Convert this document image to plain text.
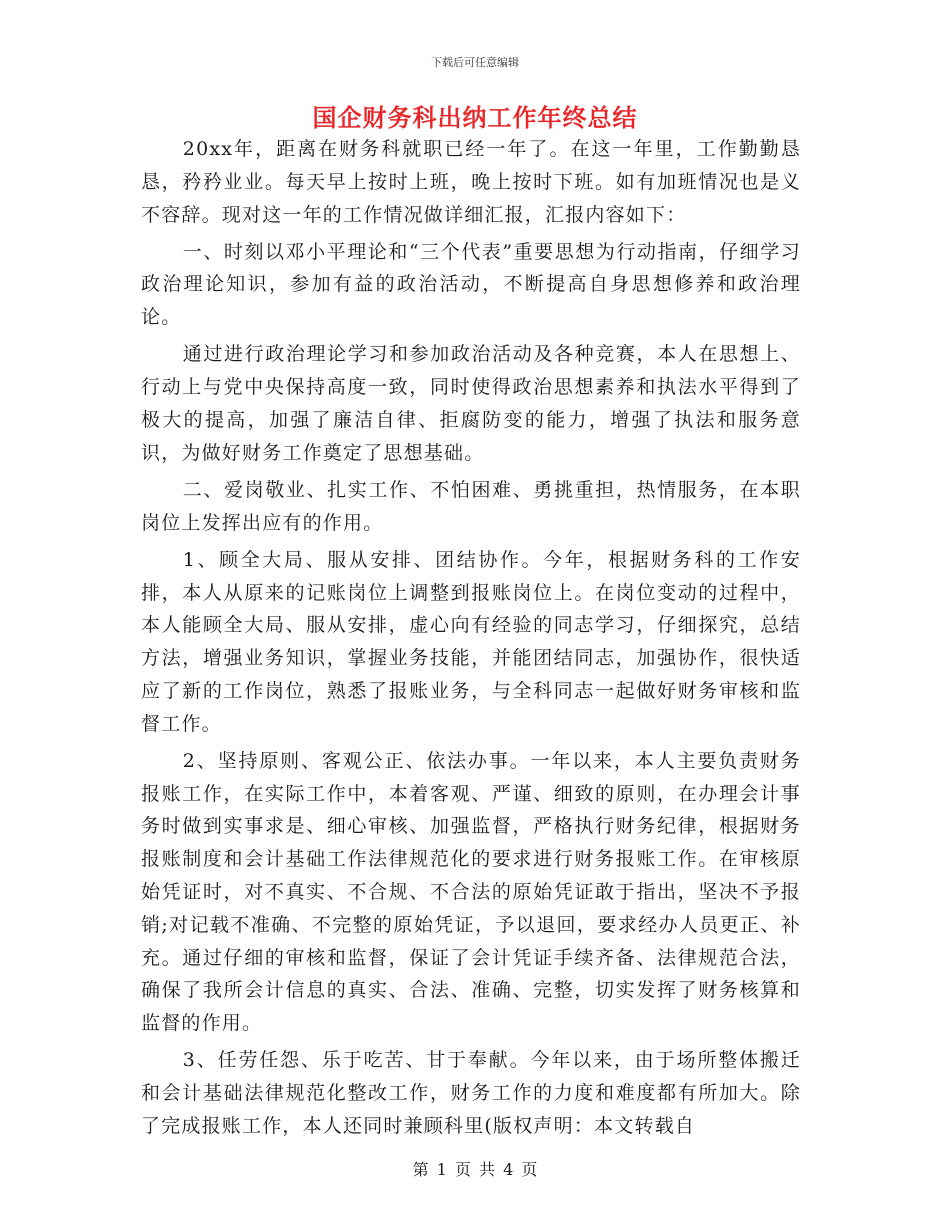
下载后可任意编辑
国企财务科出纳工作年终总结

20xx年，距离在财务科就职已经一年了。在这一年里，工作勤勤恳恳，矜矜业业。每天早上按时上班，晚上按时下班。如有加班情况也是义不容辞。现对这一年的工作情况做详细汇报，汇报内容如下：

一、时刻以邓小平理论和“三个代表”重要思想为行动指南，仔细学习政治理论知识，参加有益的政治活动，不断提高自身思想修养和政治理论。

通过进行政治理论学习和参加政治活动及各种竞赛，本人在思想上、行动上与党中央保持高度一致，同时使得政治思想素养和执法水平得到了极大的提高，加强了廉洁自律、拒腐防变的能力，增强了执法和服务意识，为做好财务工作奠定了思想基础。

二、爱岗敬业、扎实工作、不怕困难、勇挑重担，热情服务，在本职岗位上发挥出应有的作用。

1、顾全大局、服从安排、团结协作。今年，根据财务科的工作安排，本人从原来的记账岗位上调整到报账岗位上。在岗位变动的过程中，本人能顾全大局、服从安排，虚心向有经验的同志学习，仔细探究，总结方法，增强业务知识，掌握业务技能，并能团结同志，加强协作，很快适应了新的工作岗位，熟悉了报账业务，与全科同志一起做好财务审核和监督工作。

2、坚持原则、客观公正、依法办事。一年以来，本人主要负责财务报账工作，在实际工作中，本着客观、严谨、细致的原则，在办理会计事务时做到实事求是、细心审核、加强监督，严格执行财务纪律，根据财务报账制度和会计基础工作法律规范化的要求进行财务报账工作。在审核原始凭证时，对不真实、不合规、不合法的原始凭证敢于指出，坚决不予报销;对记载不准确、不完整的原始凭证，予以退回，要求经办人员更正、补充。通过仔细的审核和监督，保证了会计凭证手续齐备、法律规范合法，确保了我所会计信息的真实、合法、准确、完整，切实发挥了财务核算和监督的作用。

3、任劳任怨、乐于吃苦、甘于奉献。今年以来，由于场所整体搬迁和会计基础法律规范化整改工作，财务工作的力度和难度都有所加大。除了完成报账工作，本人还同时兼顾科里(版权声明：本文转载自

第 1 页 共 4 页
